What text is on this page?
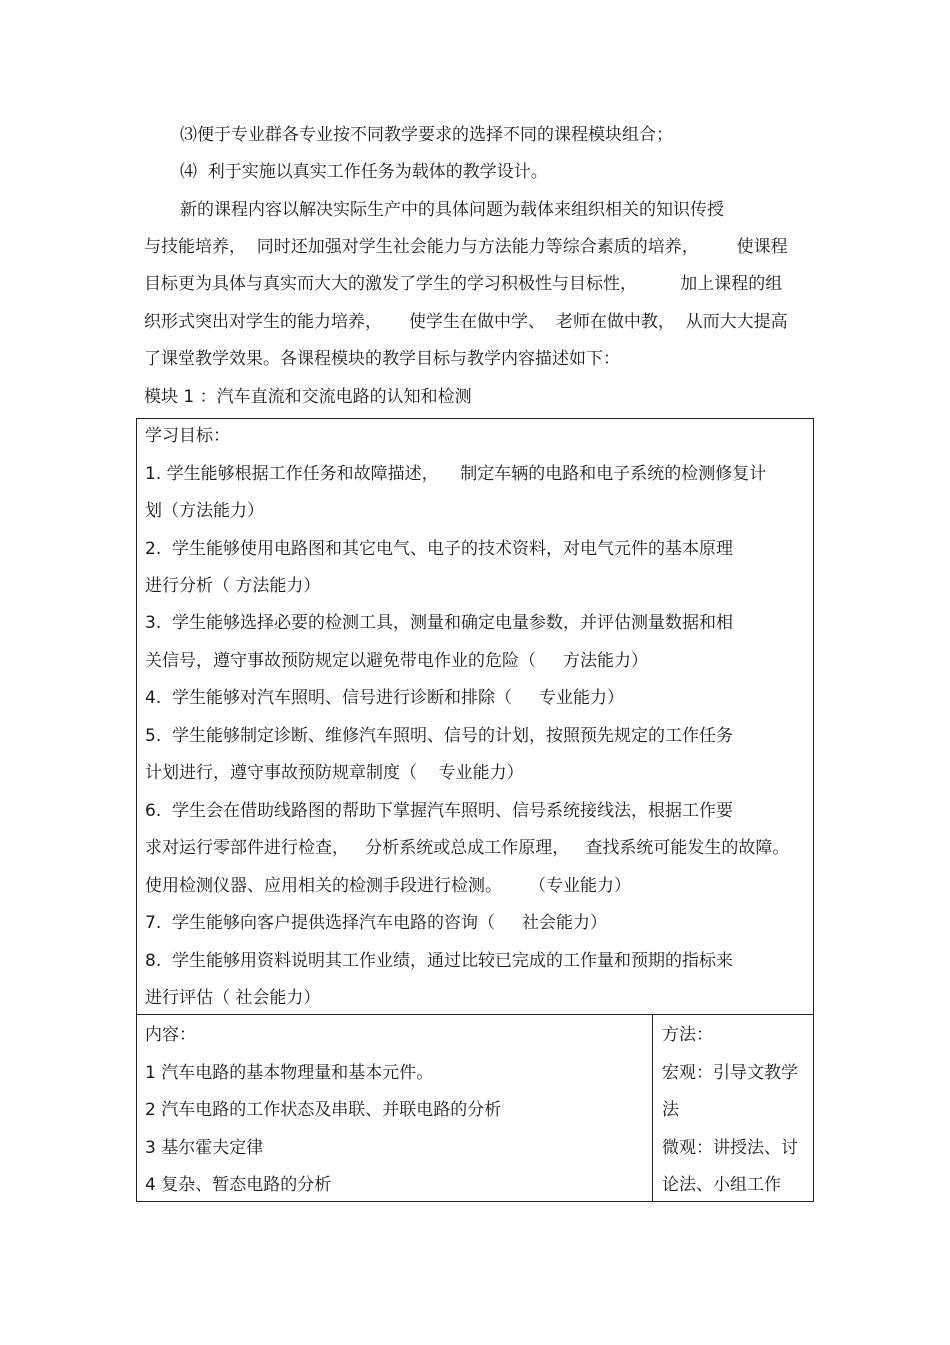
⑶便于专业群各专业按不同教学要求的选择不同的课程模块组合；
⑷  利于实施以真实工作任务为载体的教学设计。
新的课程内容以解决实际生产中的具体问题为载体来组织相关的知识传授
与技能培养，  同时还加强对学生社会能力与方法能力等综合素质的培养，       使课程
目标更为具体与真实而大大的激发了学生的学习积极性与目标性，        加上课程的组
织形式突出对学生的能力培养，     使学生在做中学、  老师在做中教，  从而大大提高
了课堂教学效果。各课程模块的教学目标与教学内容描述如下：
模块 1 ：汽车直流和交流电路的认知和检测
学习目标：
1. 学生能够根据工作任务和故障描述，    制定车辆的电路和电子系统的检测修复计
划（方法能力）
2.  学生能够使用电路图和其它电气、电子的技术资料，对电气元件的基本原理
进行分析（ 方法能力）
3.  学生能够选择必要的检测工具，测量和确定电量参数，并评估测量数据和相
关信号，遵守事故预防规定以避免带电作业的危险（     方法能力）
4.  学生能够对汽车照明、信号进行诊断和排除（     专业能力）
5.  学生能够制定诊断、维修汽车照明、信号的计划，按照预先规定的工作任务
计划进行，遵守事故预防规章制度（    专业能力）
6.  学生会在借助线路图的帮助下掌握汽车照明、信号系统接线法，根据工作要
求对运行零部件进行检查，   分析系统或总成工作原理，   查找系统可能发生的故障。
使用检测仪器、应用相关的检测手段进行检测。     （专业能力）
7.  学生能够向客户提供选择汽车电路的咨询（     社会能力）
8.  学生能够用资料说明其工作业绩，通过比较已完成的工作量和预期的指标来
进行评估（ 社会能力）
内容：
1 汽车电路的基本物理量和基本元件。
2 汽车电路的工作状态及串联、并联电路的分析
3 基尔霍夫定律
4 复杂、暂态电路的分析
方法：
宏观：引导文教学
法
微观：讲授法、讨
论法、小组工作
